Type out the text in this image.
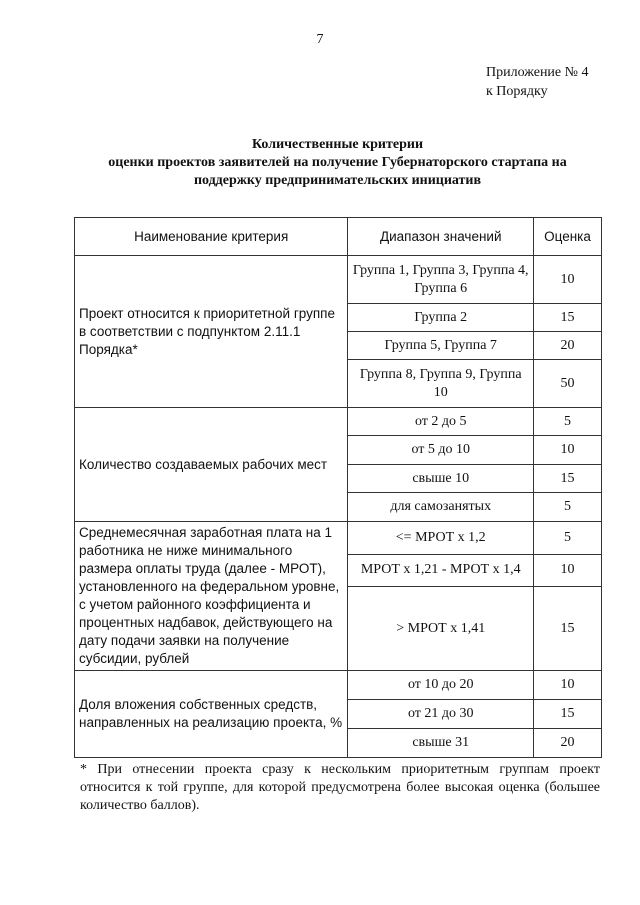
7
Приложение № 4
к Порядку
Количественные критерии
оценки проектов заявителей на получение Губернаторского стартапа на
поддержку предпринимательских инициатив
Наименование критерия	Диапазон значений	Оценка
Проект относится к приоритетной группе в соответствии с подпунктом 2.11.1 Порядка*	Группа 1, Группа 3, Группа 4, Группа 6	10
	Группа 2	15
	Группа 5, Группа 7	20
	Группа 8, Группа 9, Группа 10	50
Количество создаваемых рабочих мест	от 2 до 5	5
	от 5 до 10	10
	свыше 10	15
	для самозанятых	5
Среднемесячная заработная плата на 1 работника не ниже минимального размера оплаты труда (далее - МРОТ), установленного на федеральном уровне, с учетом районного коэффициента и процентных надбавок, действующего на дату подачи заявки на получение субсидии, рублей	<= МРОТ х 1,2	5
	МРОТ х 1,21 - МРОТ х 1,4	10
	> МРОТ х 1,41	15
Доля вложения собственных средств, направленных на реализацию проекта, %	от 10 до 20	10
	от 21 до 30	15
	свыше 31	20
* При отнесении проекта сразу к нескольким приоритетным группам проект относится к той группе, для которой предусмотрена более высокая оценка (большее количество баллов).
